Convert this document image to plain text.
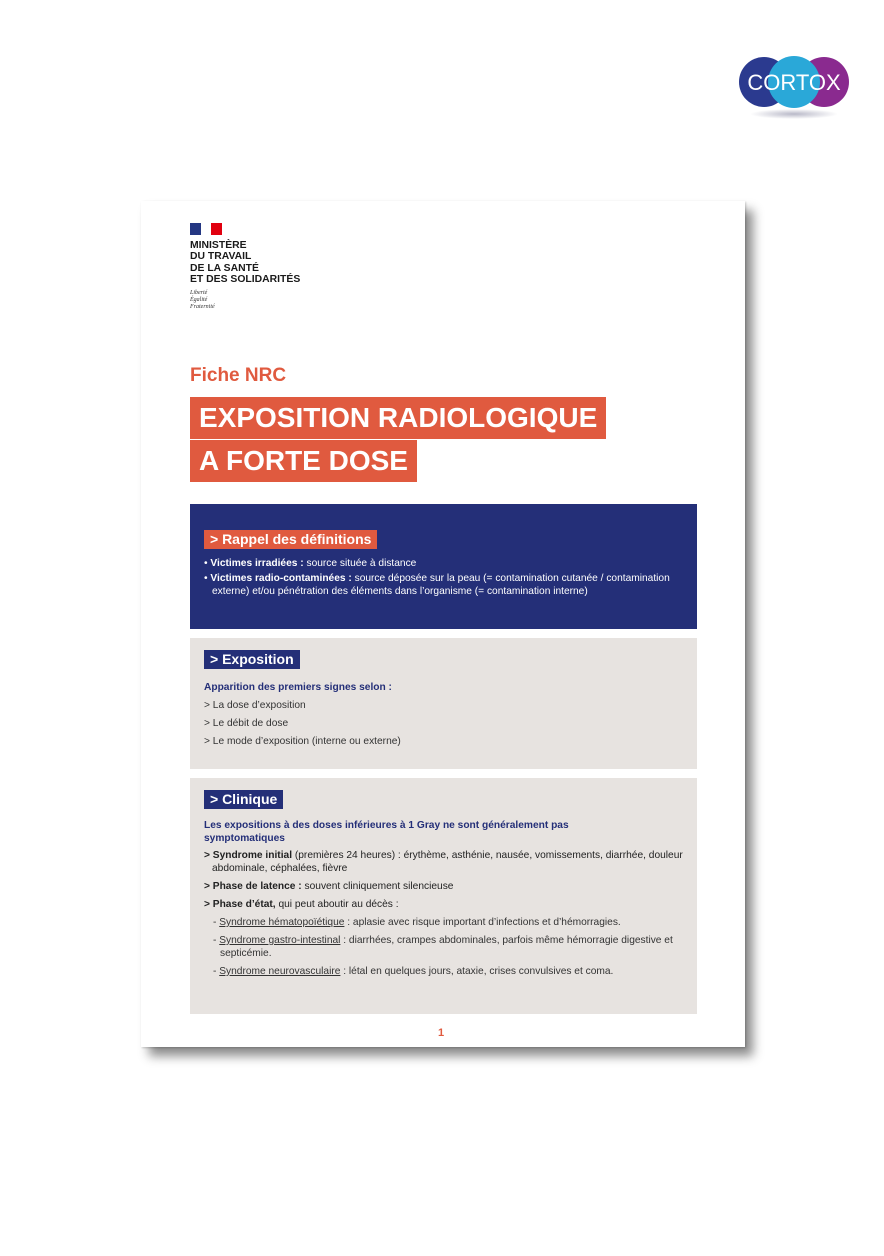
CORTOX
MINISTÈRE
DU TRAVAIL
DE LA SANTÉ
ET DES SOLIDARITÉS
Liberté
Égalité
Fraternité
Fiche NRC
EXPOSITION RADIOLOGIQUE
A FORTE DOSE
> Rappel des définitions

• Victimes irradiées : source située à distance

• Victimes radio-contaminées : source déposée sur la peau (= contamination cutanée / contamination externe) et/ou pénétration des éléments dans l’organisme (= contamination interne)

> Exposition

Apparition des premiers signes selon :

> La dose d’exposition

> Le débit de dose

> Le mode d’exposition (interne ou externe)

> Clinique

Les expositions à des doses inférieures à 1 Gray ne sont généralement pas symptomatiques

> Syndrome initial (premières 24 heures) : érythème, asthénie, nausée, vomissements, diarrhée, douleur abdominale, céphalées, fièvre

> Phase de latence : souvent cliniquement silencieuse

> Phase d’état, qui peut aboutir au décès :

- Syndrome hématopoïétique : aplasie avec risque important d’infections et d’hémorragies.

- Syndrome gastro-intestinal : diarrhées, crampes abdominales, parfois même hémorragie digestive et septicémie.

- Syndrome neurovasculaire : létal en quelques jours, ataxie, crises convulsives et coma.

1
